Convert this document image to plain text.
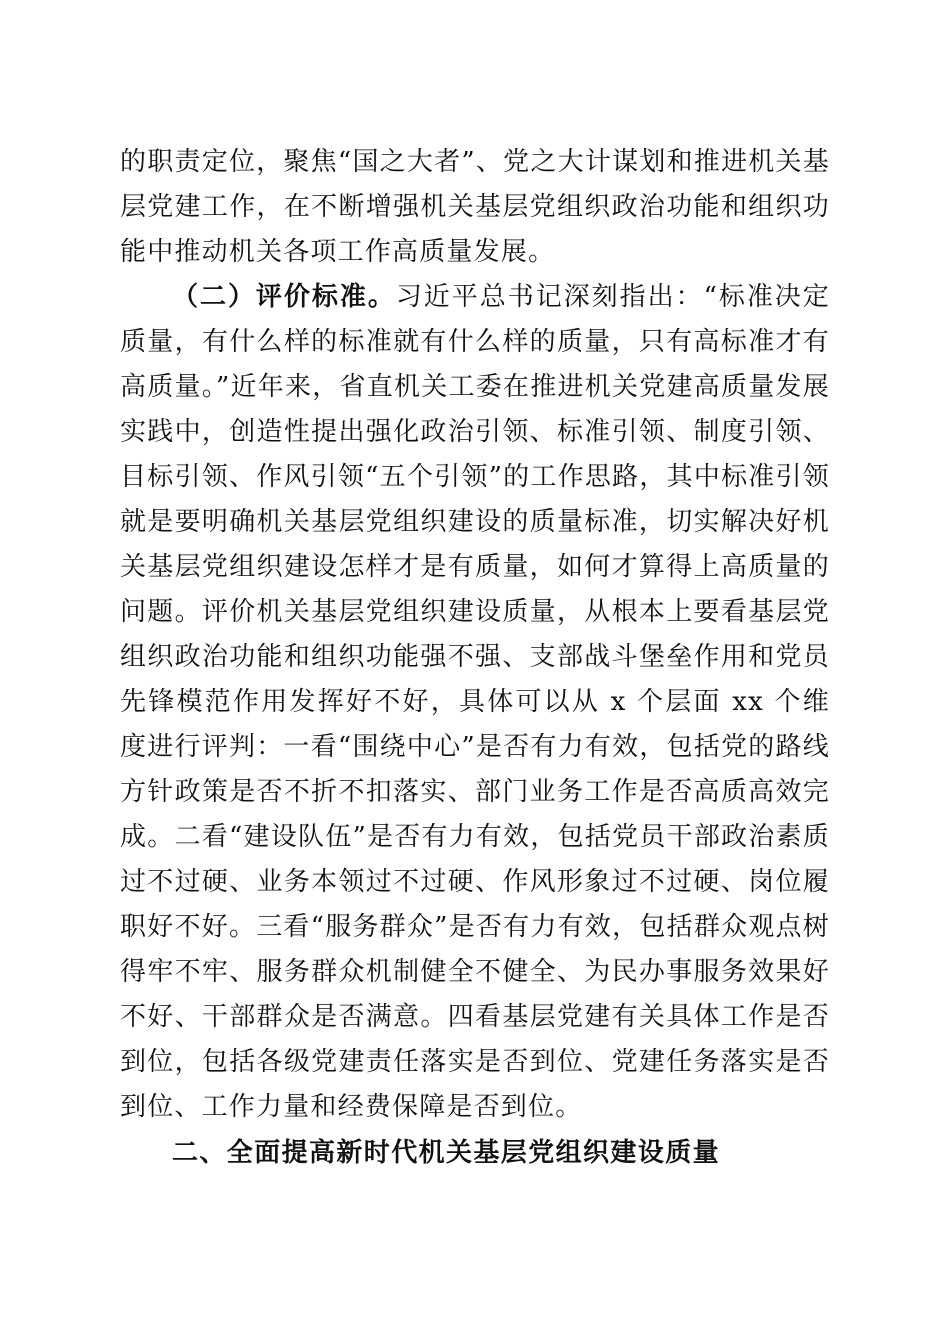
的职责定位，聚焦“国之大者”、党之大计谋划和推进机关基层党建工作，在不断增强机关基层党组织政治功能和组织功能中推动机关各项工作高质量发展。

（二）评价标准。习近平总书记深刻指出：“标准决定质量，有什么样的标准就有什么样的质量，只有高标准才有高质量。”近年来，省直机关工委在推进机关党建高质量发展实践中，创造性提出强化政治引领、标准引领、制度引领、目标引领、作风引领“五个引领”的工作思路，其中标准引领就是要明确机关基层党组织建设的质量标准，切实解决好机关基层党组织建设怎样才是有质量，如何才算得上高质量的问题。评价机关基层党组织建设质量，从根本上要看基层党组织政治功能和组织功能强不强、支部战斗堡垒作用和党员先锋模范作用发挥好不好，具体可以从 x 个层面 xx 个维度进行评判：一看“围绕中心”是否有力有效，包括党的路线方针政策是否不折不扣落实、部门业务工作是否高质高效完成。二看“建设队伍”是否有力有效，包括党员干部政治素质过不过硬、业务本领过不过硬、作风形象过不过硬、岗位履职好不好。三看“服务群众”是否有力有效，包括群众观点树得牢不牢、服务群众机制健全不健全、为民办事服务效果好不好、干部群众是否满意。四看基层党建有关具体工作是否到位，包括各级党建责任落实是否到位、党建任务落实是否到位、工作力量和经费保障是否到位。

二、全面提高新时代机关基层党组织建设质量
